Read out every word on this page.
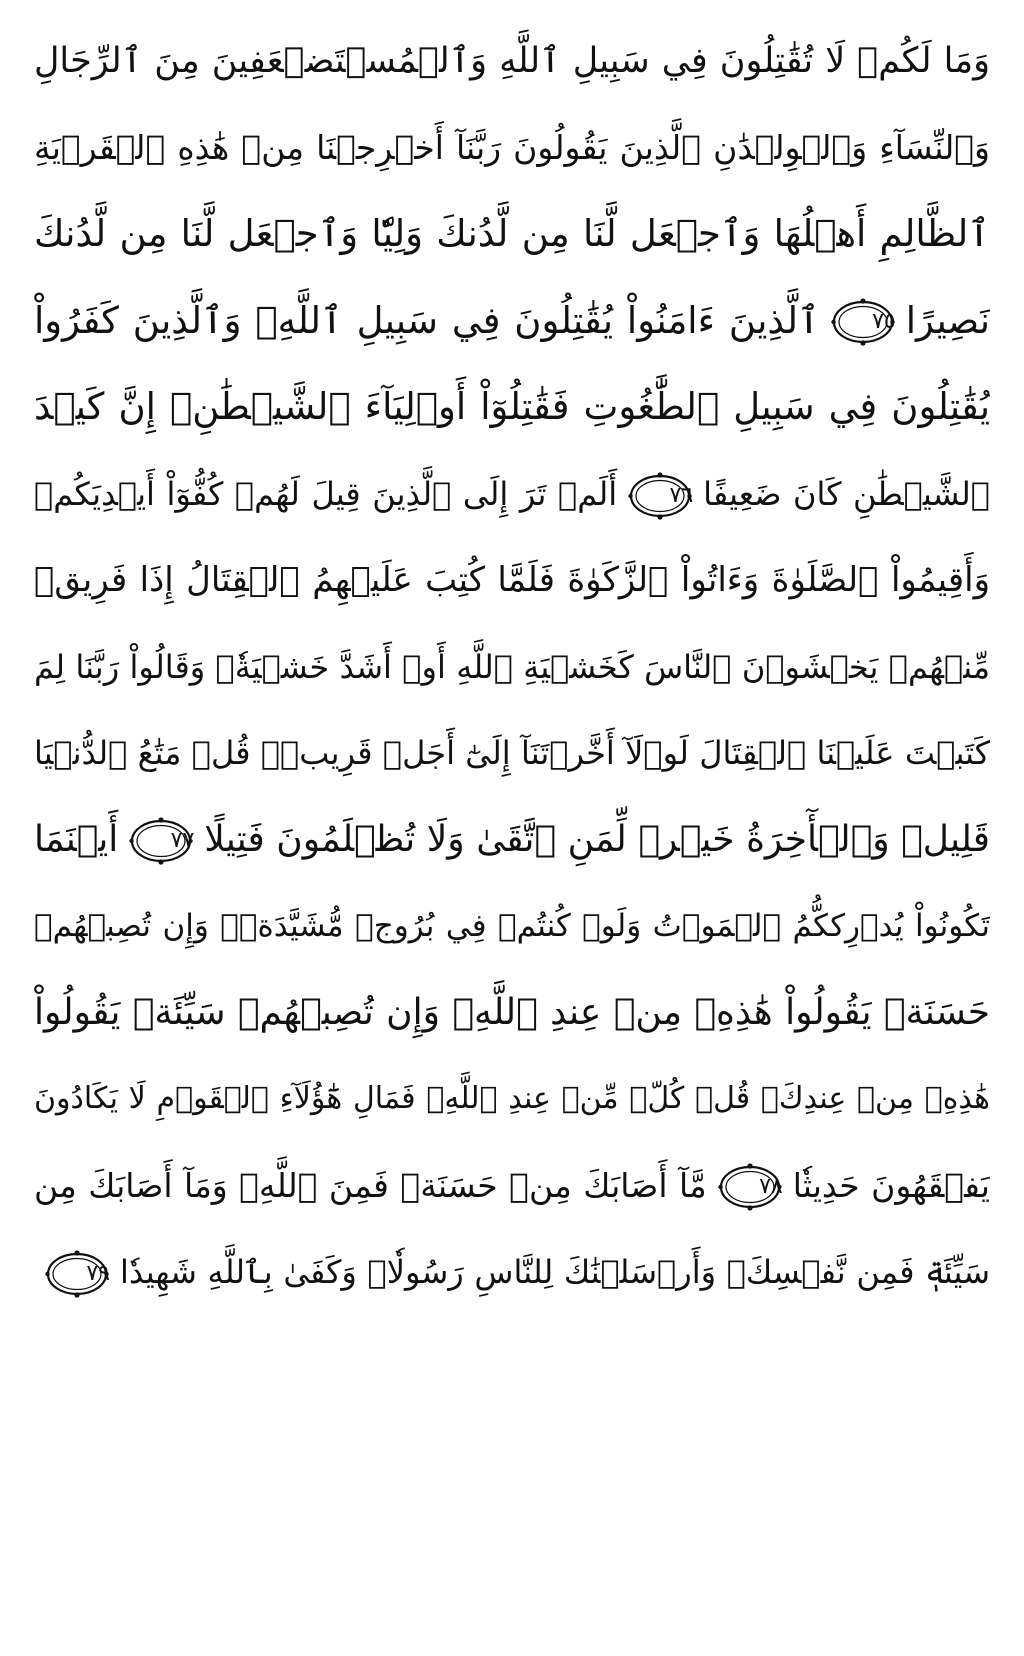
وَمَا لَكُمۡ لَا تُقَٰتِلُونَ فِي سَبِيلِ ٱللَّهِ وَٱلۡمُسۡتَضۡعَفِينَ مِنَ ٱلرِّجَالِ
وَٱلنِّسَآءِ وَٱلۡوِلۡدَٰنِ ٱلَّذِينَ يَقُولُونَ رَبَّنَآ أَخۡرِجۡنَا مِنۡ هَٰذِهِ ٱلۡقَرۡيَةِ
ٱلظَّالِمِ أَهۡلُهَا وَٱجۡعَل لَّنَا مِن لَّدُنكَ وَلِيّٗا وَٱجۡعَل لَّنَا مِن لَّدُنكَ
نَصِيرًا
٧٥
ٱلَّذِينَ ءَامَنُواْ يُقَٰتِلُونَ فِي سَبِيلِ ٱللَّهِۖ وَٱلَّذِينَ كَفَرُواْ
يُقَٰتِلُونَ فِي سَبِيلِ ٱلطَّٰغُوتِ فَقَٰتِلُوٓاْ أَوۡلِيَآءَ ٱلشَّيۡطَٰنِۖ إِنَّ كَيۡدَ
ٱلشَّيۡطَٰنِ كَانَ ضَعِيفًا
٧٦
أَلَمۡ تَرَ إِلَى ٱلَّذِينَ قِيلَ لَهُمۡ كُفُّوٓاْ أَيۡدِيَكُمۡ
وَأَقِيمُواْ ٱلصَّلَوٰةَ وَءَاتُواْ ٱلزَّكَوٰةَ فَلَمَّا كُتِبَ عَلَيۡهِمُ ٱلۡقِتَالُ إِذَا فَرِيقٞ
مِّنۡهُمۡ يَخۡشَوۡنَ ٱلنَّاسَ كَخَشۡيَةِ ٱللَّهِ أَوۡ أَشَدَّ خَشۡيَةٗۚ وَقَالُواْ رَبَّنَا لِمَ
كَتَبۡتَ عَلَيۡنَا ٱلۡقِتَالَ لَوۡلَآ أَخَّرۡتَنَآ إِلَىٰٓ أَجَلٖ قَرِيبٖۗ قُلۡ مَتَٰعُ ٱلدُّنۡيَا
قَلِيلٞ وَٱلۡأٓخِرَةُ خَيۡرٞ لِّمَنِ ٱتَّقَىٰ وَلَا تُظۡلَمُونَ فَتِيلًا
٧٧
أَيۡنَمَا
تَكُونُواْ يُدۡرِككُّمُ ٱلۡمَوۡتُ وَلَوۡ كُنتُمۡ فِي بُرُوجٖ مُّشَيَّدَةٖۗ وَإِن تُصِبۡهُمۡ
حَسَنَةٞ يَقُولُواْ هَٰذِهِۦ مِنۡ عِندِ ٱللَّهِۖ وَإِن تُصِبۡهُمۡ سَيِّئَةٞ يَقُولُواْ
هَٰذِهِۦ مِنۡ عِندِكَۚ قُلۡ كُلّٞ مِّنۡ عِندِ ٱللَّهِۖ فَمَالِ هَٰٓؤُلَآءِ ٱلۡقَوۡمِ لَا يَكَادُونَ
يَفۡقَهُونَ حَدِيثٗا
٧٨
مَّآ أَصَابَكَ مِنۡ حَسَنَةٖ فَمِنَ ٱللَّهِۖ وَمَآ أَصَابَكَ مِن
سَيِّئَةٖ فَمِن نَّفۡسِكَۚ وَأَرۡسَلۡنَٰكَ لِلنَّاسِ رَسُولٗاۚ وَكَفَىٰ بِٱللَّهِ شَهِيدٗا
٧٩
